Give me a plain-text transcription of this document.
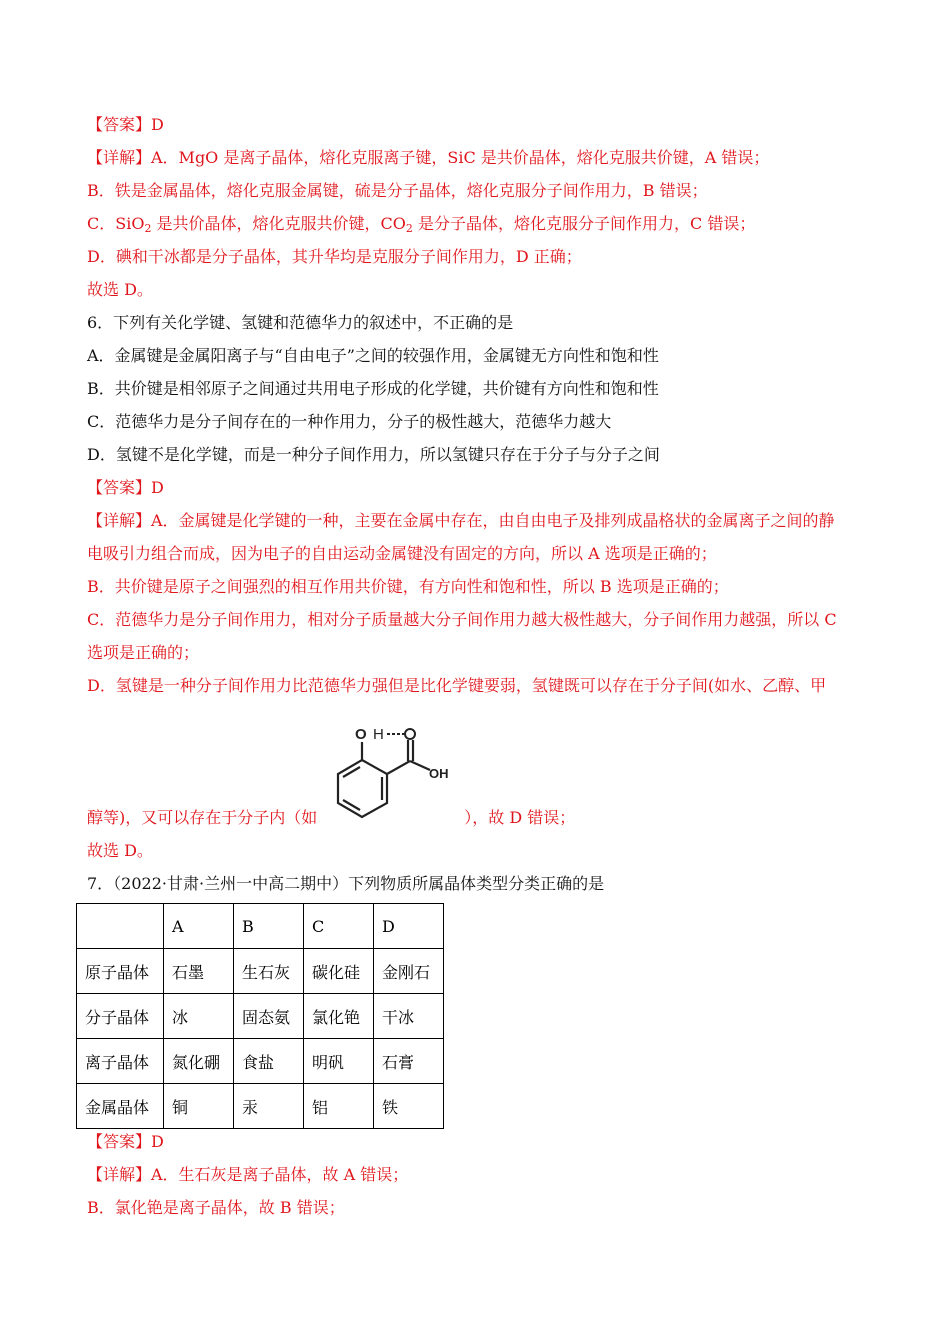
【答案】D
【详解】A．MgO 是离子晶体，熔化克服离子键，SiC 是共价晶体，熔化克服共价键，A 错误；
B．铁是金属晶体，熔化克服金属键，硫是分子晶体，熔化克服分子间作用力，B 错误；
C．SiO$_2$ 是共价晶体，熔化克服共价键，$CO_2$ 是分子晶体，熔化克服分子间作用力，C 错误；
D．碘和干冰都是分子晶体，其升华均是克服分子间作用力，D 正确；
故选 D。
6．下列有关化学键、氢键和范德华力的叙述中，不正确的是
A．金属键是金属阳离子与“自由电子”之间的较强作用，金属键无方向性和饱和性
B．共价键是相邻原子之间通过共用电子形成的化学键，共价键有方向性和饱和性
C．范德华力是分子间存在的一种作用力，分子的极性越大，范德华力越大
D．氢键不是化学键，而是一种分子间作用力，所以氢键只存在于分子与分子之间
【答案】D
【详解】A．金属键是化学键的一种，主要在金属中存在，由自由电子及排列成晶格状的金属离子之间的静
电吸引力组合而成，因为电子的自由运动金属键没有固定的方向，所以 A 选项是正确的；
B．共价键是原子之间强烈的相互作用共价键，有方向性和饱和性，所以 B 选项是正确的；
C．范德华力是分子间作用力，相对分子质量越大分子间作用力越大极性越大，分子间作用力越强，所以 C
选项是正确的；
D．氢键是一种分子间作用力比范德华力强但是比化学键要弱，氢键既可以存在于分子间(如水、乙醇、甲
O H
OH
醇等)，又可以存在于分子内（如	），故 D 错误；
故选 D。
7．（2022·甘肃·兰州一中高二期中）下列物质所属晶体类型分类正确的是
	A	B	C	D
原子晶体	石墨	生石灰	碳化硅	金刚石
分子晶体	冰	固态氨	氯化铯	干冰
离子晶体	氮化硼	食盐	明矾	石膏
金属晶体	铜	汞	铝	铁
【答案】D
【详解】A．生石灰是离子晶体，故 A 错误；
B．氯化铯是离子晶体，故 B 错误；
